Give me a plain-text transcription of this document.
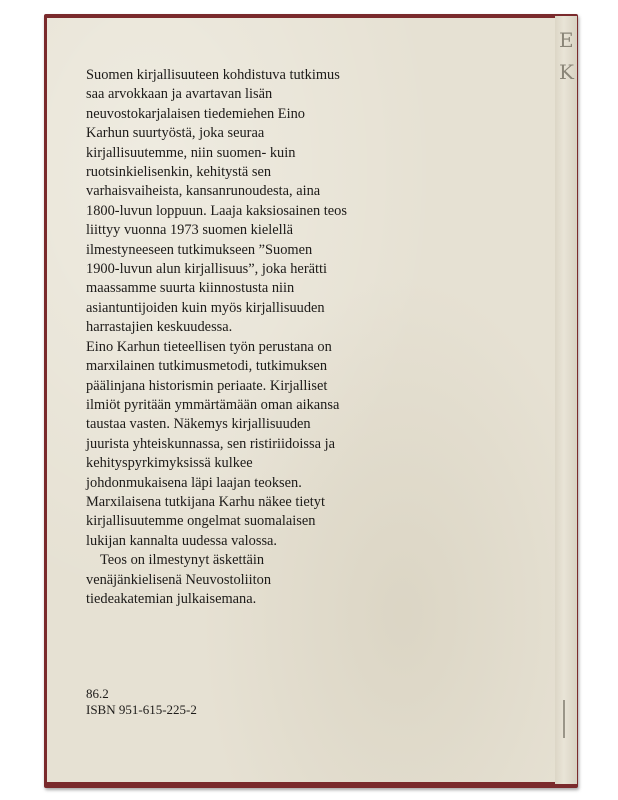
E
K

Suomen kirjallisuuteen kohdistuva tutkimus
saa arvokkaan ja avartavan lisän
neuvostokarjalaisen tiedemiehen Eino
Karhun suurtyöstä, joka seuraa
kirjallisuutemme, niin suomen- kuin
ruotsinkielisenkin, kehitystä sen
varhaisvaiheista, kansanrunoudesta, aina
1800-luvun loppuun. Laaja kaksiosainen teos
liittyy vuonna 1973 suomen kielellä
ilmestyneeseen tutkimukseen ”Suomen
1900-luvun alun kirjallisuus”, joka herätti
maassamme suurta kiinnostusta niin
asiantuntijoiden kuin myös kirjallisuuden
harrastajien keskuudessa.
Eino Karhun tieteellisen työn perustana on
marxilainen tutkimusmetodi, tutkimuksen
päälinjana historismin periaate. Kirjalliset
ilmiöt pyritään ymmärtämään oman aikansa
taustaa vasten. Näkemys kirjallisuuden
juurista yhteiskunnassa, sen ristiriidoissa ja
kehityspyrkimyksissä kulkee
johdonmukaisena läpi laajan teoksen.
Marxilaisena tutkijana Karhu näkee tietyt
kirjallisuutemme ongelmat suomalaisen
lukijan kannalta uudessa valossa.
Teos on ilmestynyt äskettäin
venäjänkielisenä Neuvostoliiton
tiedeakatemian julkaisemana.

86.2
ISBN 951-615-225-2
